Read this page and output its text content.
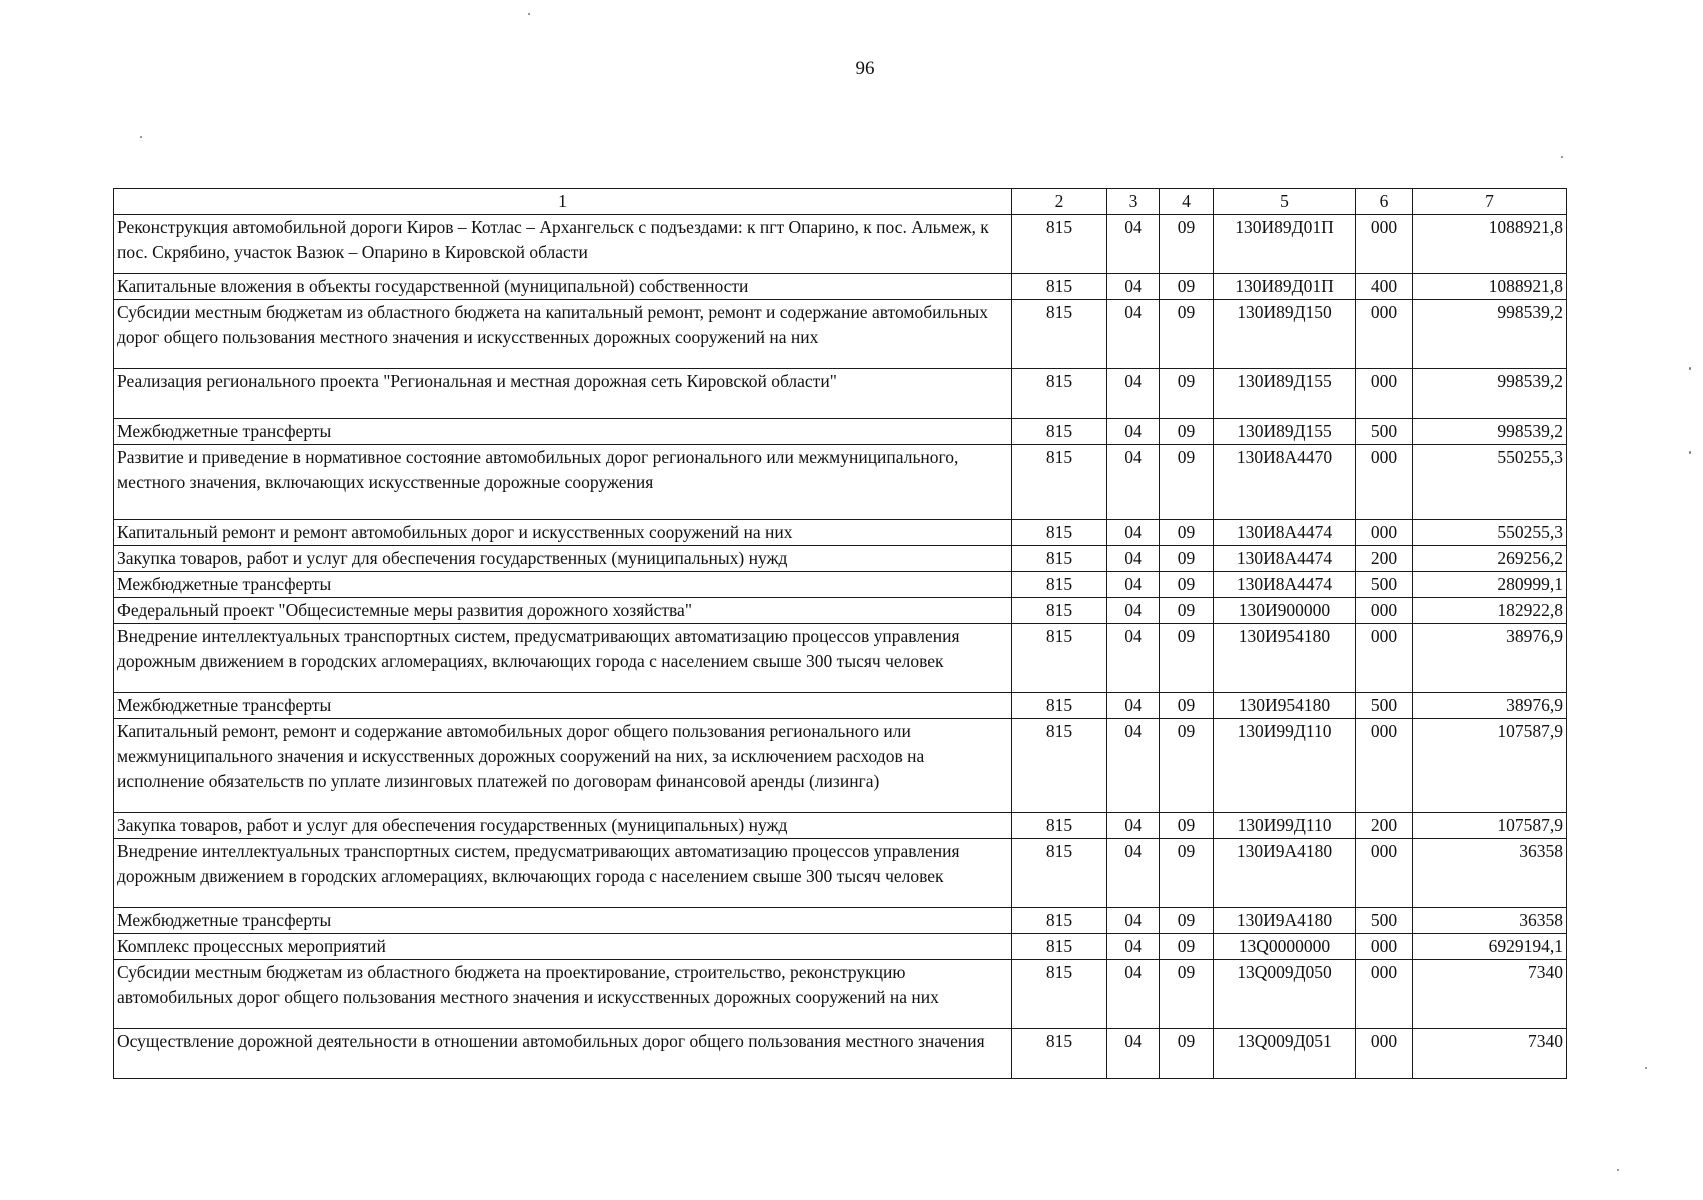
96
1	2	3	4	5	6	7
Реконструкция автомобильной дороги Киров – Котлас – Архангельск с подъездами: к пгт Опарино, к пос. Альмеж, к пос. Скрябино, участок Вазюк – Опарино в Кировской области	815	04	09	130И89Д01П	000	1088921,8
Капитальные вложения в объекты государственной (муниципальной) собственности	815	04	09	130И89Д01П	400	1088921,8
Субсидии местным бюджетам из областного бюджета на капитальный ремонт, ремонт и содержание автомобильных дорог общего пользования местного значения и искусственных дорожных сооружений на них	815	04	09	130И89Д150	000	998539,2
Реализация регионального проекта "Региональная и местная дорожная сеть Кировской области"	815	04	09	130И89Д155	000	998539,2
Межбюджетные трансферты	815	04	09	130И89Д155	500	998539,2
Развитие и приведение в нормативное состояние автомобильных дорог регионального или межмуниципального, местного значения, включающих искусственные дорожные сооружения	815	04	09	130И8А4470	000	550255,3
Капитальный ремонт и ремонт автомобильных дорог и искусственных сооружений на них	815	04	09	130И8А4474	000	550255,3
Закупка товаров, работ и услуг для обеспечения государственных (муниципальных) нужд	815	04	09	130И8А4474	200	269256,2
Межбюджетные трансферты	815	04	09	130И8А4474	500	280999,1
Федеральный проект "Общесистемные меры развития дорожного хозяйства"	815	04	09	130И900000	000	182922,8
Внедрение интеллектуальных транспортных систем, предусматривающих автоматизацию процессов управления дорожным движением в городских агломерациях, включающих города с населением свыше 300 тысяч человек	815	04	09	130И954180	000	38976,9
Межбюджетные трансферты	815	04	09	130И954180	500	38976,9
Капитальный ремонт, ремонт и содержание автомобильных дорог общего пользования регионального или межмуниципального значения и искусственных дорожных сооружений на них, за исключением расходов на исполнение обязательств по уплате лизинговых платежей по договорам финансовой аренды (лизинга)	815	04	09	130И99Д110	000	107587,9
Закупка товаров, работ и услуг для обеспечения государственных (муниципальных) нужд	815	04	09	130И99Д110	200	107587,9
Внедрение интеллектуальных транспортных систем, предусматривающих автоматизацию процессов управления дорожным движением в городских агломерациях, включающих города с населением свыше 300 тысяч человек	815	04	09	130И9А4180	000	36358
Межбюджетные трансферты	815	04	09	130И9А4180	500	36358
Комплекс процессных мероприятий	815	04	09	13Q0000000	000	6929194,1
Субсидии местным бюджетам из областного бюджета на проектирование, строительство, реконструкцию автомобильных дорог общего пользования местного значения и искусственных дорожных сооружений на них	815	04	09	13Q009Д050	000	7340
Осуществление дорожной деятельности в отношении автомобильных дорог общего пользования местного значения	815	04	09	13Q009Д051	000	7340
